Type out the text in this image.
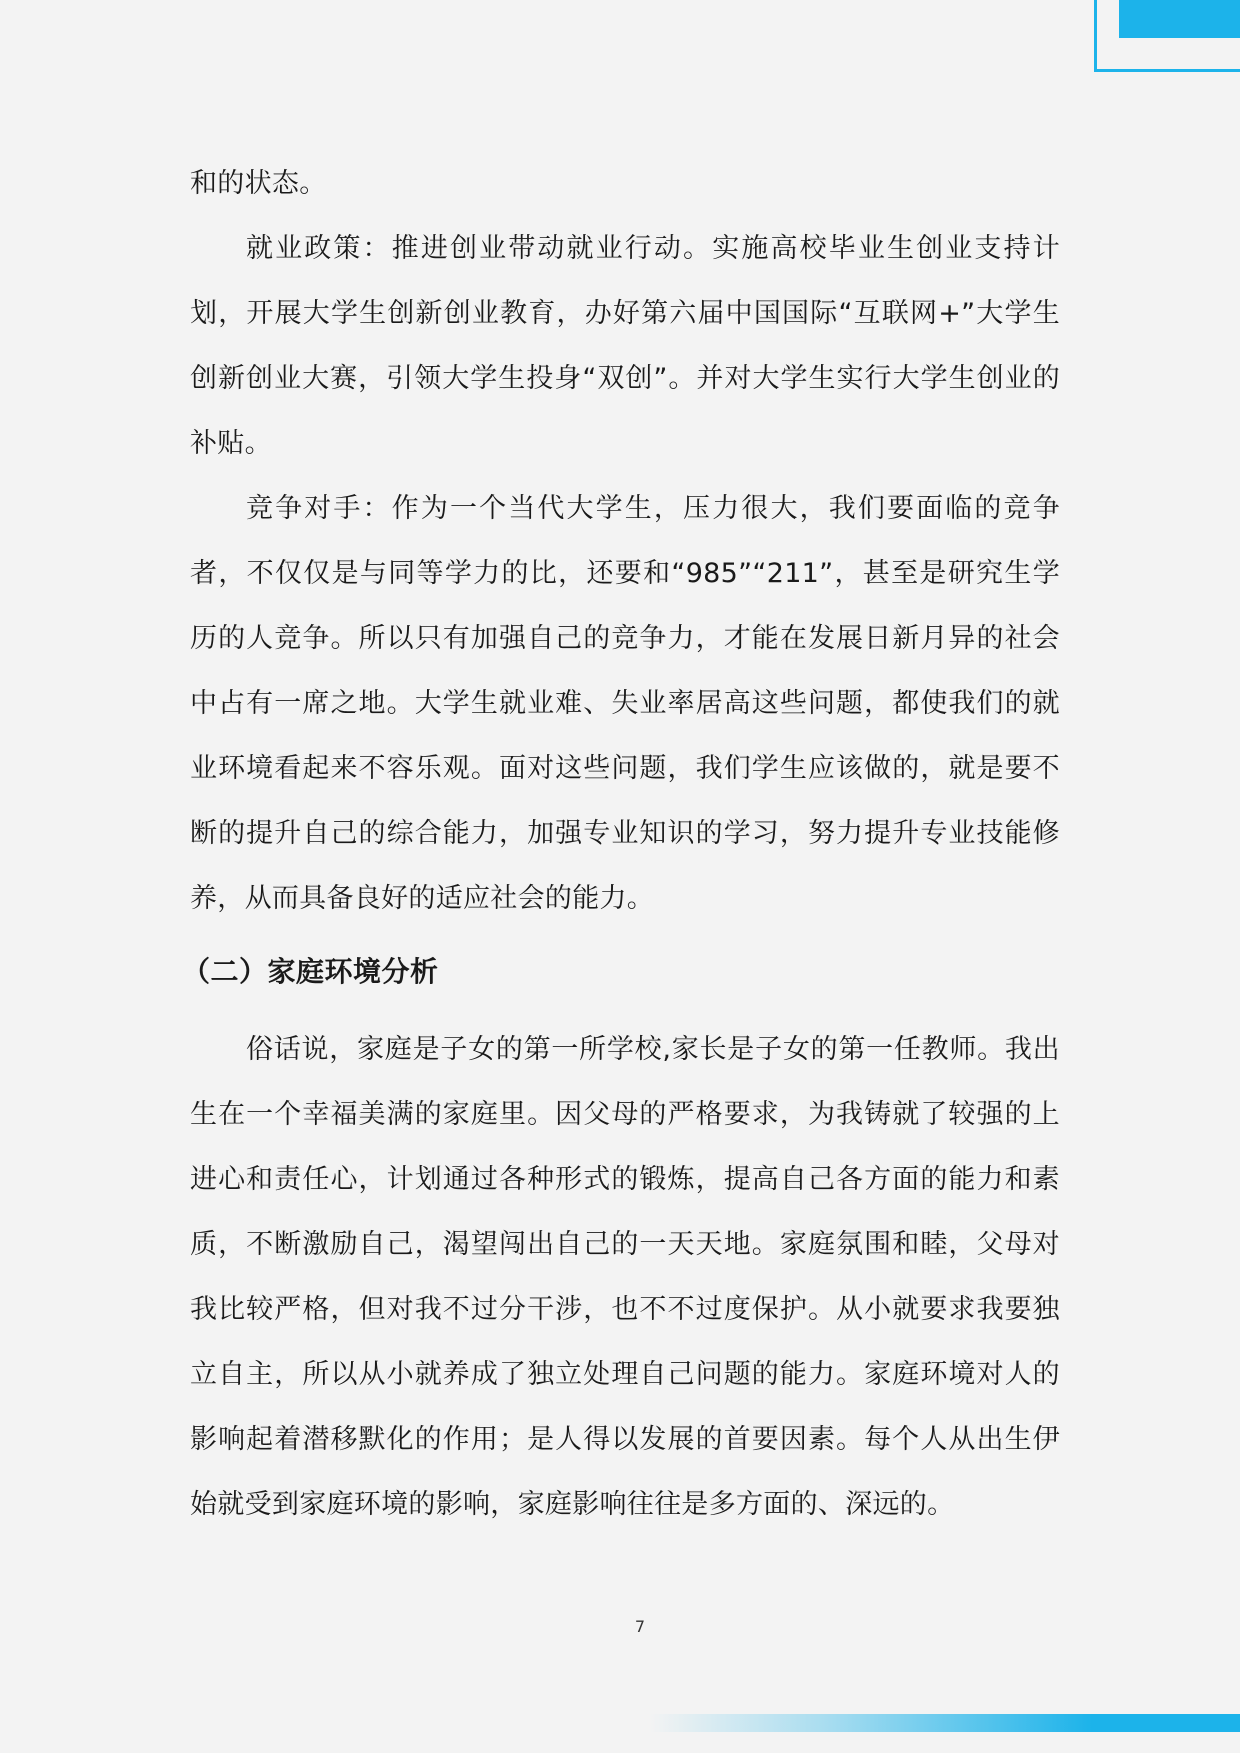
和的状态。

就业政策：推进创业带动就业行动。实施高校毕业生创业支持计划，开展大学生创新创业教育，办好第六届中国国际“互联网+”大学生创新创业大赛，引领大学生投身“双创”。并对大学生实行大学生创业的补贴。

竞争对手：作为一个当代大学生，压力很大，我们要面临的竞争者，不仅仅是与同等学力的比，还要和“985”“211”，甚至是研究生学历的人竞争。所以只有加强自己的竞争力，才能在发展日新月异的社会中占有一席之地。大学生就业难、失业率居高这些问题，都使我们的就业环境看起来不容乐观。面对这些问题，我们学生应该做的，就是要不断的提升自己的综合能力，加强专业知识的学习，努力提升专业技能修养，从而具备良好的适应社会的能力。

（二）家庭环境分析

俗话说，家庭是子女的第一所学校,家长是子女的第一任教师。我出生在一个幸福美满的家庭里。因父母的严格要求，为我铸就了较强的上进心和责任心，计划通过各种形式的锻炼，提高自己各方面的能力和素质，不断激励自己，渴望闯出自己的一天天地。家庭氛围和睦，父母对我比较严格，但对我不过分干涉，也不不过度保护。从小就要求我要独立自主，所以从小就养成了独立处理自己问题的能力。家庭环境对人的影响起着潜移默化的作用；是人得以发展的首要因素。每个人从出生伊始就受到家庭环境的影响，家庭影响往往是多方面的、深远的。

7
